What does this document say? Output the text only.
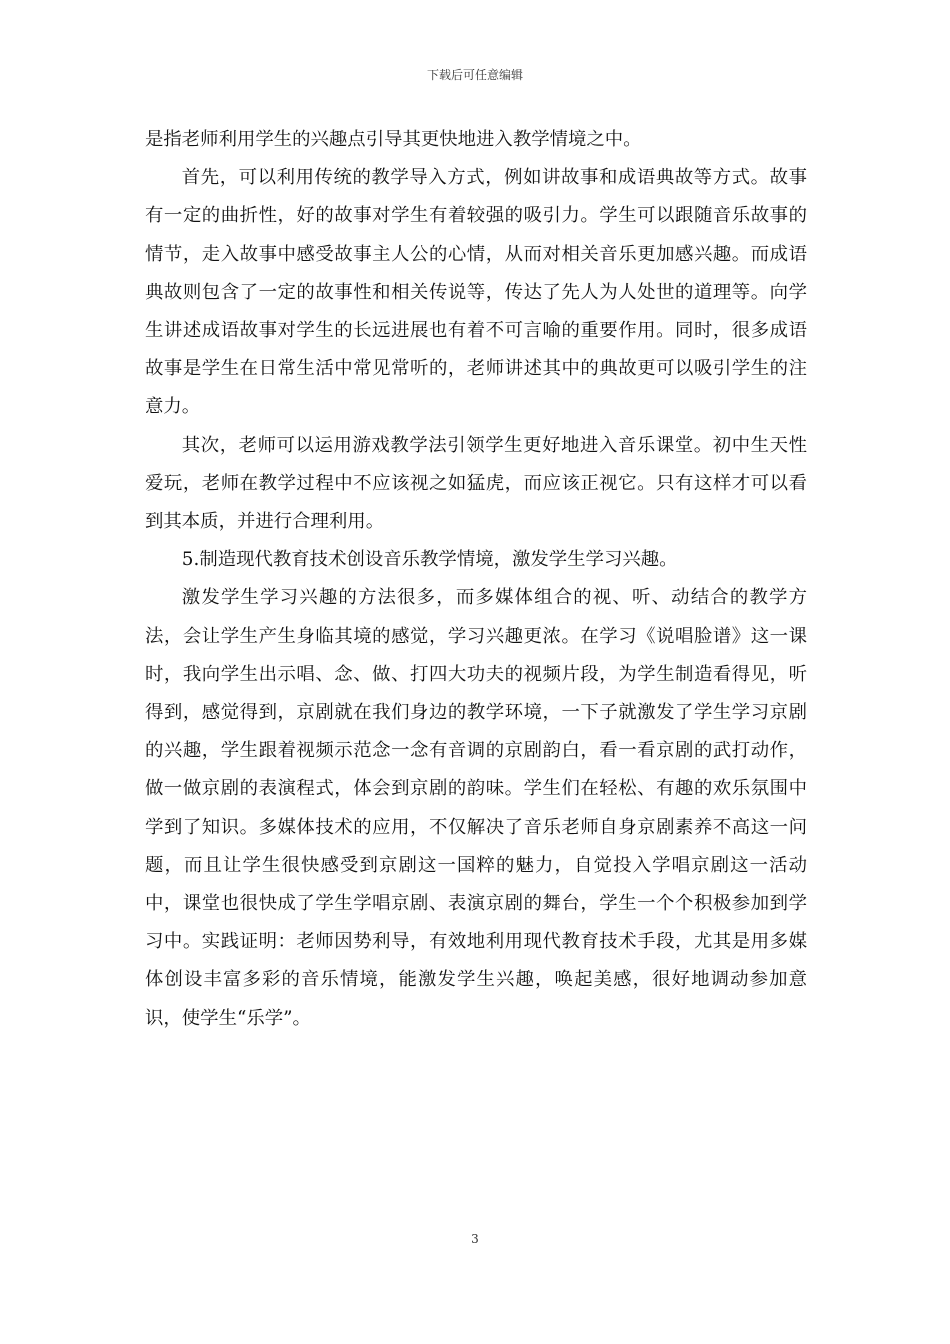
下载后可任意编辑

是指老师利用学生的兴趣点引导其更快地进入教学情境之中。

首先，可以利用传统的教学导入方式，例如讲故事和成语典故等方式。故事有一定的曲折性，好的故事对学生有着较强的吸引力。学生可以跟随音乐故事的情节，走入故事中感受故事主人公的心情，从而对相关音乐更加感兴趣。而成语典故则包含了一定的故事性和相关传说等，传达了先人为人处世的道理等。向学生讲述成语故事对学生的长远进展也有着不可言喻的重要作用。同时，很多成语故事是学生在日常生活中常见常听的，老师讲述其中的典故更可以吸引学生的注意力。

其次，老师可以运用游戏教学法引领学生更好地进入音乐课堂。初中生天性爱玩，老师在教学过程中不应该视之如猛虎，而应该正视它。只有这样才可以看到其本质，并进行合理利用。

5.制造现代教育技术创设音乐教学情境，激发学生学习兴趣。

激发学生学习兴趣的方法很多，而多媒体组合的视、听、动结合的教学方法，会让学生产生身临其境的感觉，学习兴趣更浓。在学习《说唱脸谱》这一课时，我向学生出示唱、念、做、打四大功夫的视频片段，为学生制造看得见，听得到，感觉得到，京剧就在我们身边的教学环境，一下子就激发了学生学习京剧的兴趣，学生跟着视频示范念一念有音调的京剧韵白，看一看京剧的武打动作，做一做京剧的表演程式，体会到京剧的韵味。学生们在轻松、有趣的欢乐氛围中学到了知识。多媒体技术的应用，不仅解决了音乐老师自身京剧素养不高这一问题，而且让学生很快感受到京剧这一国粹的魅力，自觉投入学唱京剧这一活动中，课堂也很快成了学生学唱京剧、表演京剧的舞台，学生一个个积极参加到学习中。实践证明：老师因势利导，有效地利用现代教育技术手段，尤其是用多媒体创设丰富多彩的音乐情境，能激发学生兴趣，唤起美感，很好地调动参加意识，使学生“乐学”。

3
